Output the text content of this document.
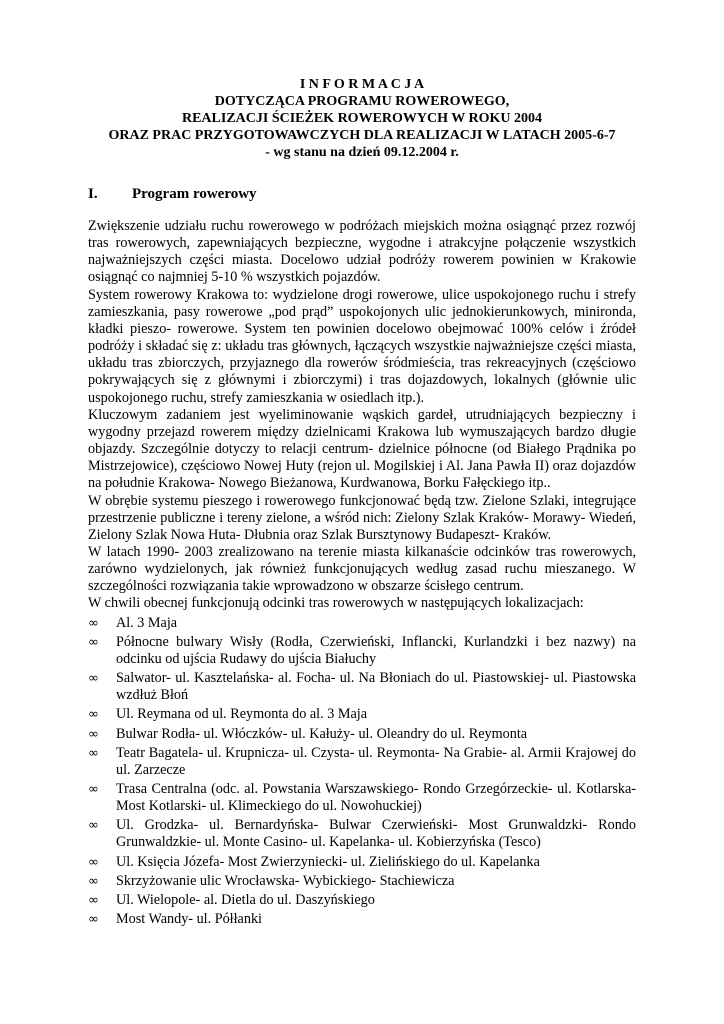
I N F O R M A C J A
DOTYCZĄCA PROGRAMU ROWEROWEGO,
REALIZACJI ŚCIEŻEK ROWEROWYCH W ROKU 2004
ORAZ PRAC PRZYGOTOWAWCZYCH DLA REALIZACJI W LATACH 2005-6-7
- wg stanu na dzień 09.12.2004 r.
I. Program rowerowy

Zwiększenie udziału ruchu rowerowego w podróżach miejskich można osiągnąć przez rozwój tras rowerowych, zapewniających bezpieczne, wygodne i atrakcyjne połączenie wszystkich najważniejszych części miasta. Docelowo udział podróży rowerem powinien w Krakowie osiągnąć co najmniej 5-10 % wszystkich pojazdów.

System rowerowy Krakowa to: wydzielone drogi rowerowe, ulice uspokojonego ruchu i strefy zamieszkania, pasy rowerowe „pod prąd” uspokojonych ulic jednokierunkowych, minironda, kładki pieszo- rowerowe. System ten powinien docelowo obejmować 100% celów i źródeł podróży i składać się z: układu tras głównych, łączących wszystkie najważniejsze części miasta, układu tras zbiorczych, przyjaznego dla rowerów śródmieścia, tras rekreacyjnych (częściowo pokrywających się z głównymi i zbiorczymi) i tras dojazdowych, lokalnych (głównie ulic uspokojonego ruchu, strefy zamieszkania w osiedlach itp.).

Kluczowym zadaniem jest wyeliminowanie wąskich gardeł, utrudniających bezpieczny i wygodny przejazd rowerem między dzielnicami Krakowa lub wymuszających bardzo długie objazdy. Szczególnie dotyczy to relacji centrum- dzielnice północne (od Białego Prądnika po Mistrzejowice), częściowo Nowej Huty (rejon ul. Mogilskiej i Al. Jana Pawła II) oraz dojazdów na południe Krakowa- Nowego Bieżanowa, Kurdwanowa, Borku Fałęckiego itp..

W obrębie systemu pieszego i rowerowego funkcjonować będą tzw. Zielone Szlaki, integrujące przestrzenie publiczne i tereny zielone, a wśród nich: Zielony Szlak Kraków- Morawy- Wiedeń, Zielony Szlak Nowa Huta- Dłubnia oraz Szlak Bursztynowy Budapeszt- Kraków.

W latach 1990- 2003 zrealizowano na terenie miasta kilkanaście odcinków tras rowerowych, zarówno wydzielonych, jak również funkcjonujących według zasad ruchu mieszanego. W szczególności rozwiązania takie wprowadzono w obszarze ścisłego centrum.

W chwili obecnej funkcjonują odcinki tras rowerowych w następujących lokalizacjach:

∞	Al. 3 Maja
∞	Północne bulwary Wisły (Rodła, Czerwieński, Inflancki, Kurlandzki i bez nazwy) na odcinku od ujścia Rudawy do ujścia Białuchy
∞	Salwator- ul. Kasztelańska- al. Focha- ul. Na Błoniach do ul. Piastowskiej- ul. Piastowska wzdłuż Błoń
∞	Ul. Reymana od ul. Reymonta do al. 3 Maja
∞	Bulwar Rodła- ul. Włóczków- ul. Kałuży- ul. Oleandry do ul. Reymonta
∞	Teatr Bagatela- ul. Krupnicza- ul. Czysta- ul. Reymonta- Na Grabie- al. Armii Krajowej do ul. Zarzecze
∞	Trasa Centralna (odc. al. Powstania Warszawskiego- Rondo Grzegórzeckie- ul. Kotlarska- Most Kotlarski- ul. Klimeckiego do ul. Nowohuckiej)
∞	Ul. Grodzka- ul. Bernardyńska- Bulwar Czerwieński- Most Grunwaldzki- Rondo Grunwaldzkie- ul. Monte Casino- ul. Kapelanka- ul. Kobierzyńska (Tesco)
∞	Ul. Księcia Józefa- Most Zwierzyniecki- ul. Zielińskiego do ul. Kapelanka
∞	Skrzyżowanie ulic Wrocławska- Wybickiego- Stachiewicza
∞	Ul. Wielopole- al. Dietla do ul. Daszyńskiego
∞	Most Wandy- ul. Półłanki
